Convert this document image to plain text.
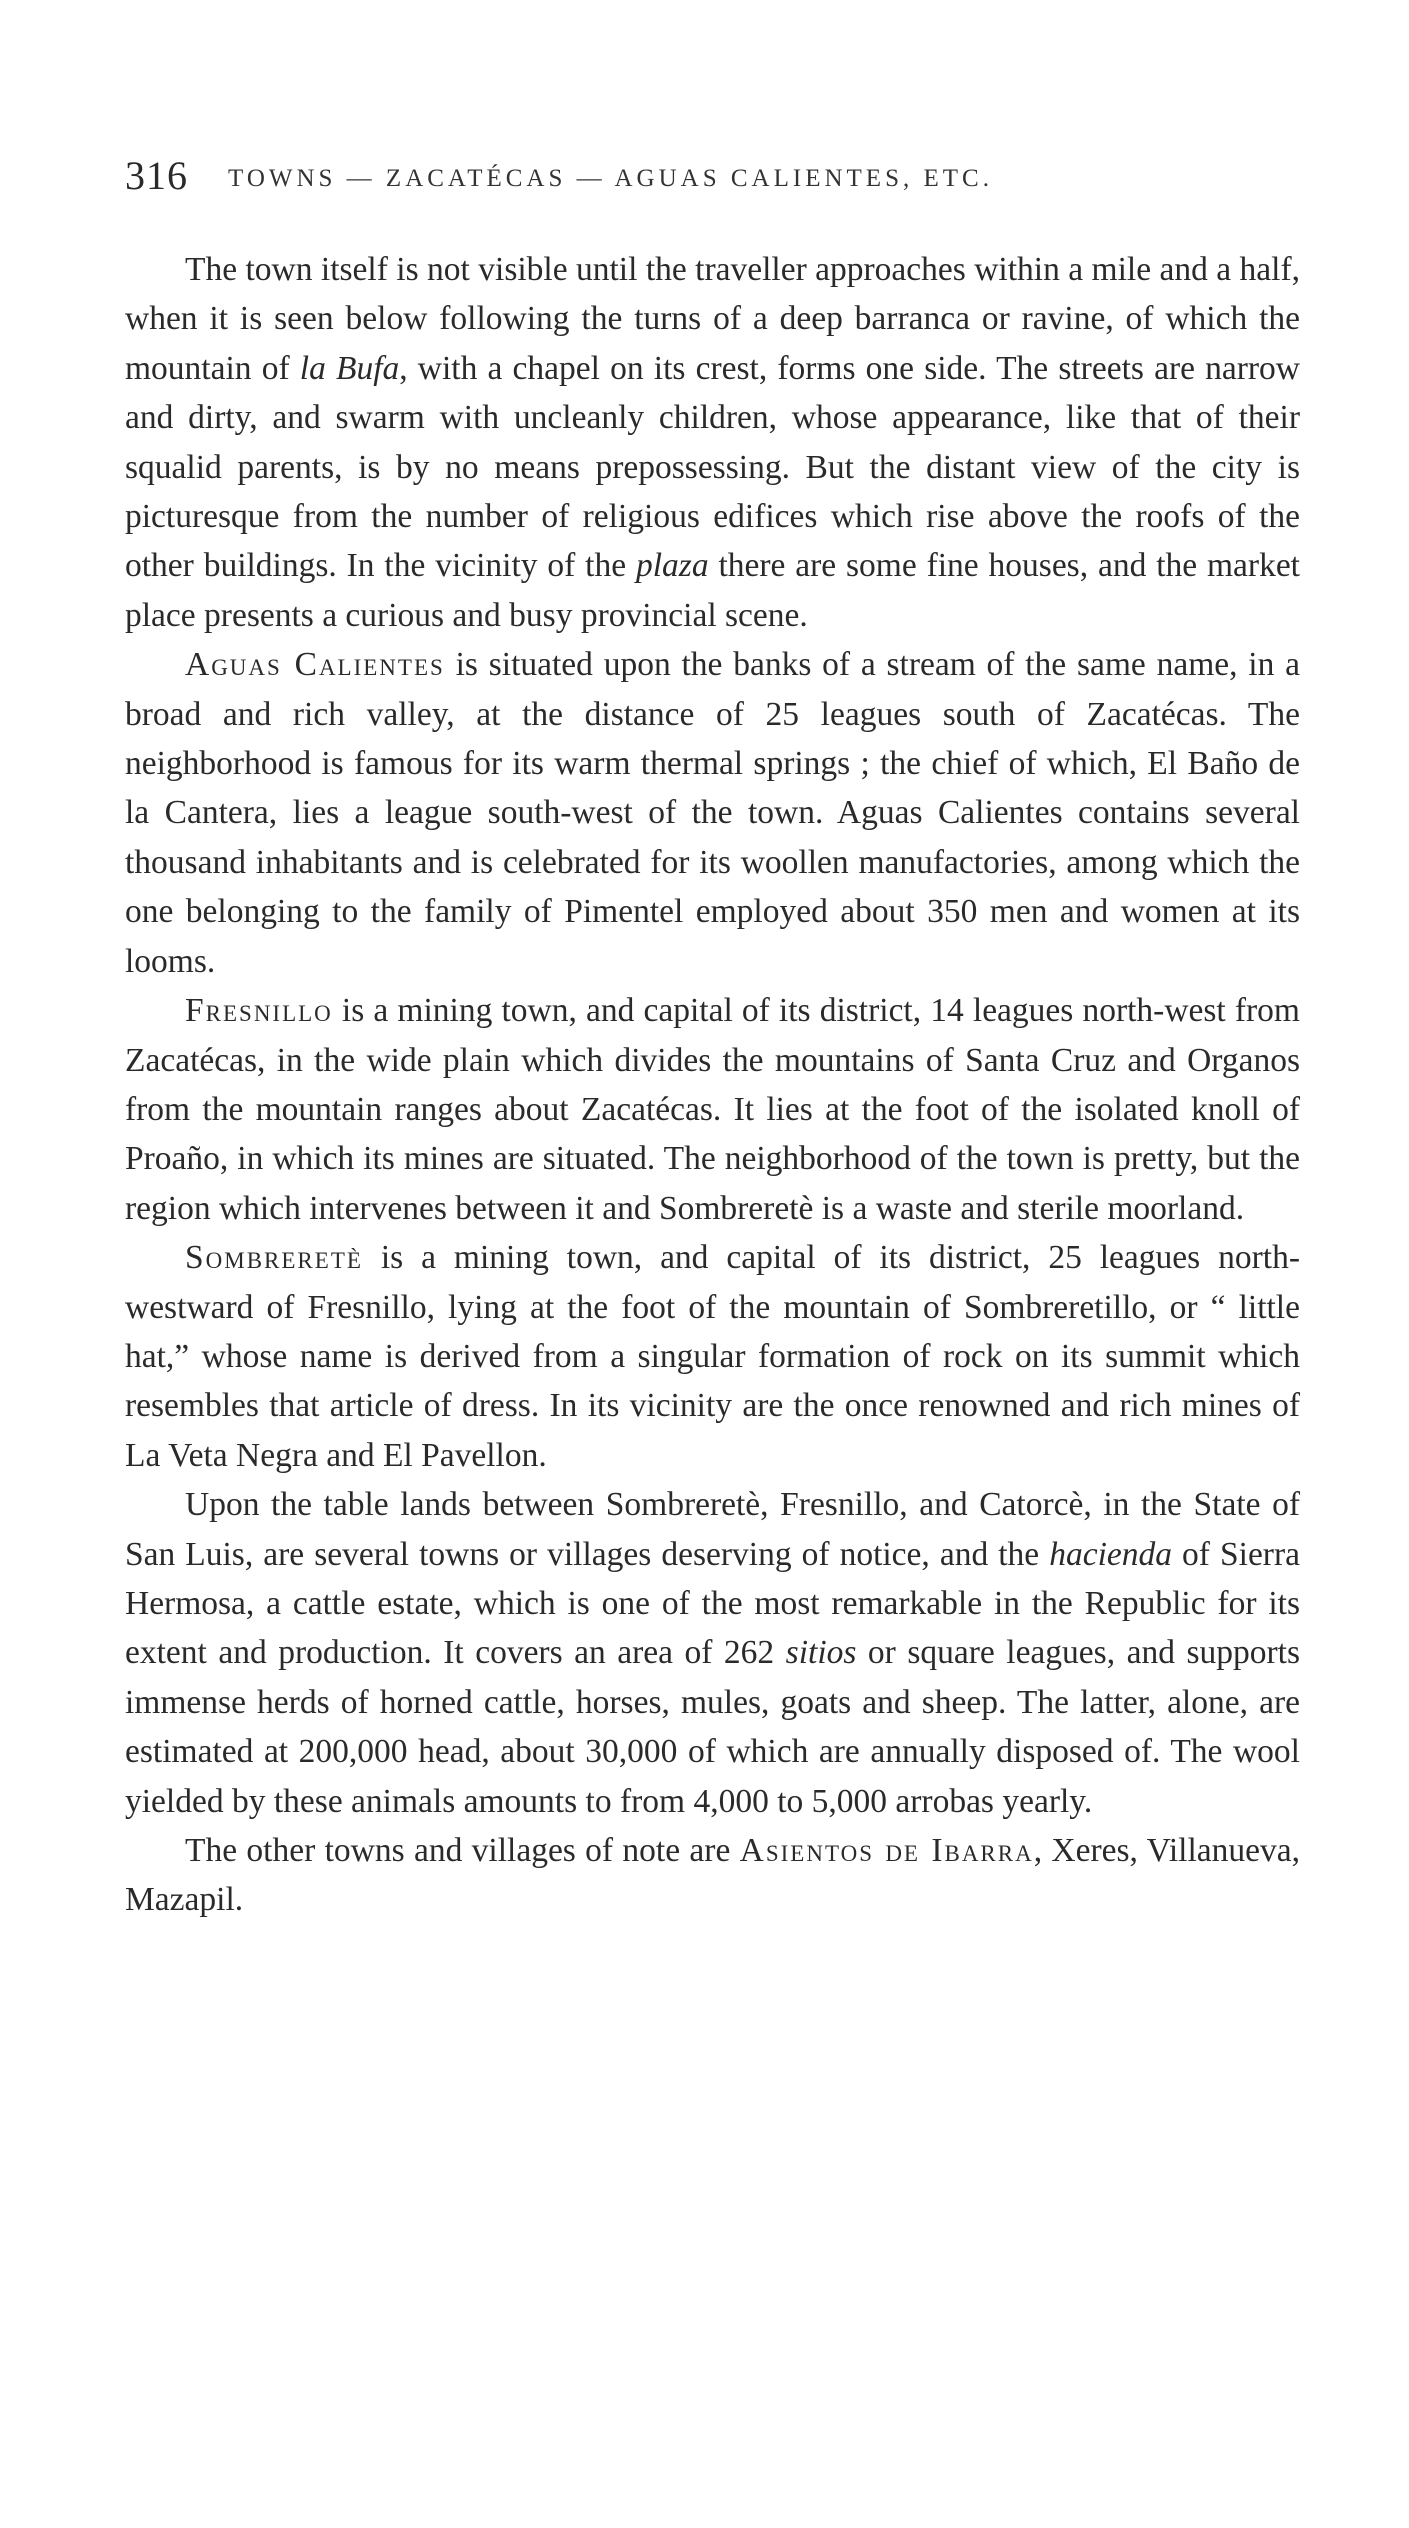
316 TOWNS — ZACATÉCAS — AGUAS CALIENTES, ETC.

The town itself is not visible until the traveller approaches within a mile and a half, when it is seen below following the turns of a deep barranca or ravine, of which the mountain of la Bufa, with a chapel on its crest, forms one side. The streets are narrow and dirty, and swarm with uncleanly children, whose appearance, like that of their squalid parents, is by no means prepossessing. But the distant view of the city is picturesque from the number of religious edifices which rise above the roofs of the other buildings. In the vicinity of the plaza there are some fine houses, and the market place presents a curious and busy provincial scene.

Aguas Calientes is situated upon the banks of a stream of the same name, in a broad and rich valley, at the distance of 25 leagues south of Zacatécas. The neighborhood is famous for its warm thermal springs ; the chief of which, El Baño de la Cantera, lies a league south-west of the town. Aguas Calientes contains several thousand inhabitants and is celebrated for its woollen manufactories, among which the one belonging to the family of Pimentel employed about 350 men and women at its looms.

Fresnillo is a mining town, and capital of its district, 14 leagues north-west from Zacatécas, in the wide plain which divides the mountains of Santa Cruz and Organos from the mountain ranges about Zacatécas. It lies at the foot of the isolated knoll of Proaño, in which its mines are situated. The neighborhood of the town is pretty, but the region which intervenes between it and Sombreretè is a waste and sterile moorland.

Sombreretè is a mining town, and capital of its district, 25 leagues north-westward of Fresnillo, lying at the foot of the mountain of Sombreretillo, or “ little hat,” whose name is derived from a singular formation of rock on its summit which resembles that article of dress. In its vicinity are the once renowned and rich mines of La Veta Negra and El Pavellon.

Upon the table lands between Sombreretè, Fresnillo, and Catorcè, in the State of San Luis, are several towns or villages deserving of notice, and the hacienda of Sierra Hermosa, a cattle estate, which is one of the most remarkable in the Republic for its extent and production. It covers an area of 262 sitios or square leagues, and supports immense herds of horned cattle, horses, mules, goats and sheep. The latter, alone, are estimated at 200,000 head, about 30,000 of which are annually disposed of. The wool yielded by these animals amounts to from 4,000 to 5,000 arrobas yearly.

The other towns and villages of note are Asientos de Ibarra, Xeres, Villanueva, Mazapil.
